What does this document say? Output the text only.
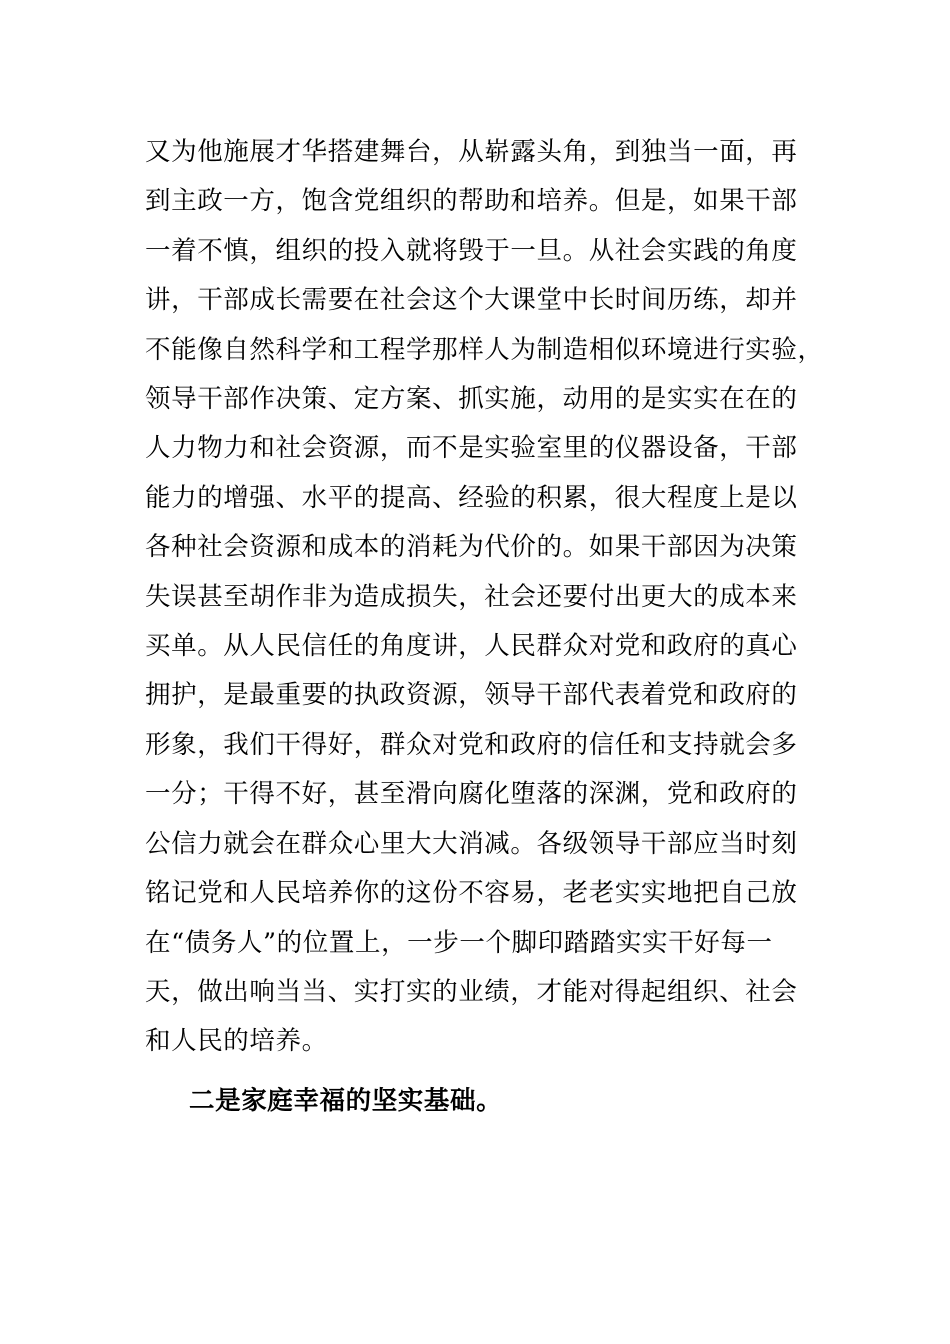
又为他施展才华搭建舞台，从崭露头角，到独当一面，再
到主政一方，饱含党组织的帮助和培养。但是，如果干部
一着不慎，组织的投入就将毁于一旦。从社会实践的角度
讲，干部成长需要在社会这个大课堂中长时间历练，却并
不能像自然科学和工程学那样人为制造相似环境进行实验，
领导干部作决策、定方案、抓实施，动用的是实实在在的
人力物力和社会资源，而不是实验室里的仪器设备，干部
能力的增强、水平的提高、经验的积累，很大程度上是以
各种社会资源和成本的消耗为代价的。如果干部因为决策
失误甚至胡作非为造成损失，社会还要付出更大的成本来
买单。从人民信任的角度讲，人民群众对党和政府的真心
拥护，是最重要的执政资源，领导干部代表着党和政府的
形象，我们干得好，群众对党和政府的信任和支持就会多
一分；干得不好，甚至滑向腐化堕落的深渊，党和政府的
公信力就会在群众心里大大消减。各级领导干部应当时刻
铭记党和人民培养你的这份不容易，老老实实地把自己放
在“债务人”的位置上，一步一个脚印踏踏实实干好每一
天，做出响当当、实打实的业绩，才能对得起组织、社会
和人民的培养。

二是家庭幸福的坚实基础。
